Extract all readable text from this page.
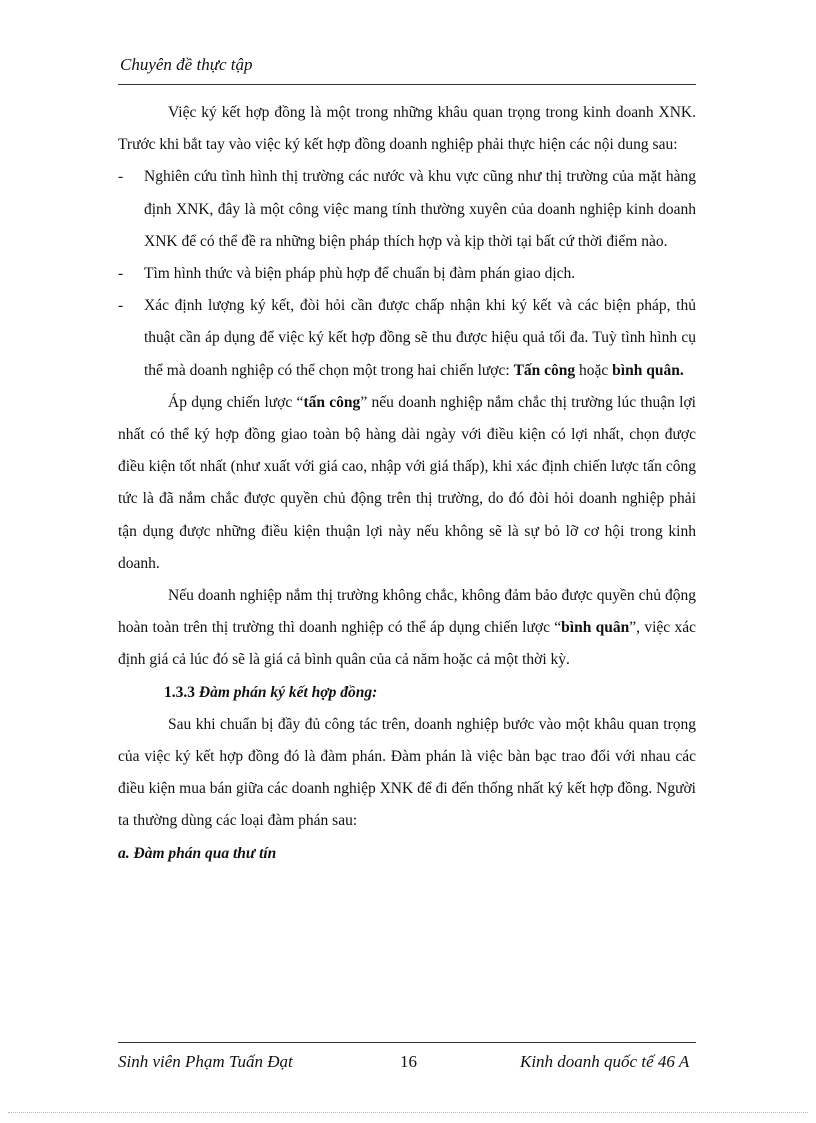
Chuyên đề thực tập

Việc ký kết hợp đồng là một trong những khâu quan trọng trong kinh doanh XNK. Trước khi bắt tay vào việc ký kết hợp đồng doanh nghiệp phải thực hiện các nội dung sau:

- Nghiên cứu tình hình thị trường các nước và khu vực cũng như thị trường của mặt hàng định XNK, đây là một công việc mang tính thường xuyên của doanh nghiệp kinh doanh XNK để có thể đề ra những biện pháp thích hợp và kịp thời tại bất cứ thời điểm nào.
- Tìm hình thức và biện pháp phù hợp để chuẩn bị đàm phán giao dịch.
- Xác định lượng ký kết, đòi hỏi cần được chấp nhận khi ký kết và các biện pháp, thủ thuật cần áp dụng để việc ký kết hợp đồng sẽ thu được hiệu quả tối đa. Tuỳ tình hình cụ thể mà doanh nghiệp có thể chọn một trong hai chiến lược: Tấn công hoặc bình quân.

Áp dụng chiến lược “tấn công” nếu doanh nghiệp nắm chắc thị trường lúc thuận lợi nhất có thể ký hợp đồng giao toàn bộ hàng dài ngày với điều kiện có lợi nhất, chọn được điều kiện tốt nhất (như xuất với giá cao, nhập với giá thấp), khi xác định chiến lược tấn công tức là đã nắm chắc được quyền chủ động trên thị trường, do đó đòi hỏi doanh nghiệp phải tận dụng được những điều kiện thuận lợi này nếu không sẽ là sự bỏ lỡ cơ hội trong kinh doanh.

Nếu doanh nghiệp nắm thị trường không chắc, không đảm bảo được quyền chủ động hoàn toàn trên thị trường thì doanh nghiệp có thể áp dụng chiến lược “bình quân”, việc xác định giá cả lúc đó sẽ là giá cả bình quân của cả năm hoặc cả một thời kỳ.

1.3.3 Đàm phán ký kết hợp đồng:

Sau khi chuẩn bị đầy đủ công tác trên, doanh nghiệp bước vào một khâu quan trọng của việc ký kết hợp đồng đó là đàm phán. Đàm phán là việc bàn bạc trao đổi với nhau các điều kiện mua bán giữa các doanh nghiệp XNK để đi đến thống nhất ký kết hợp đồng. Người ta thường dùng các loại đàm phán sau:

a. Đàm phán qua thư tín

Sinh viên Phạm Tuấn Đạt	16	Kinh doanh quốc tế 46 A
